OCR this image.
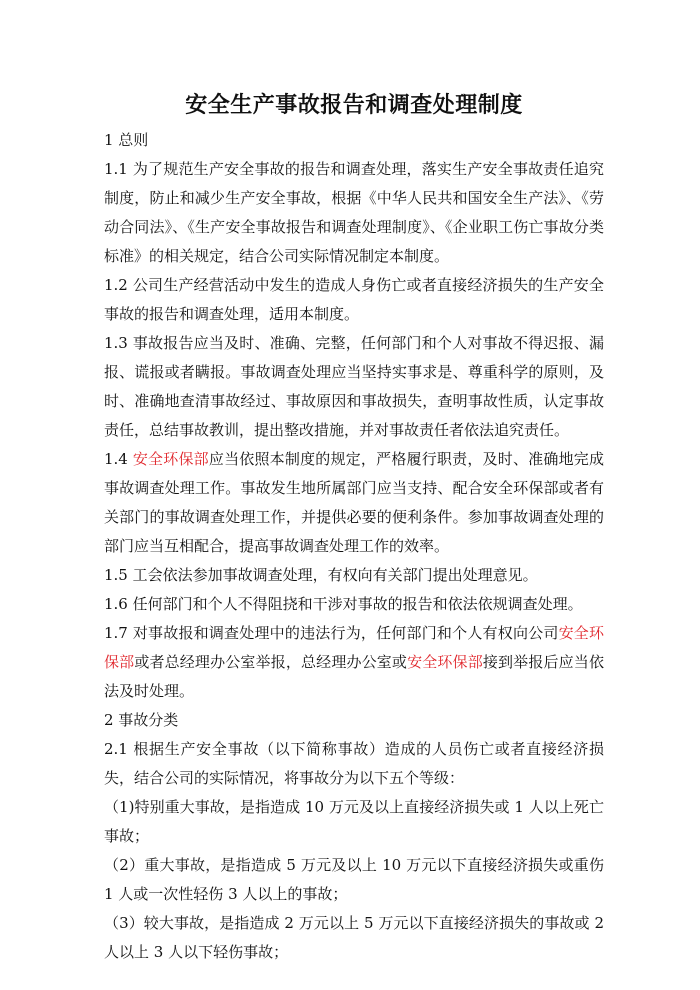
安全生产事故报告和调查处理制度

1 总则

1.1 为了规范生产安全事故的报告和调查处理，落实生产安全事故责任追究制度，防止和减少生产安全事故，根据《中华人民共和国安全生产法》、《劳动合同法》、《生产安全事故报告和调查处理制度》、《企业职工伤亡事故分类标准》的相关规定，结合公司实际情况制定本制度。

1.2 公司生产经营活动中发生的造成人身伤亡或者直接经济损失的生产安全事故的报告和调查处理，适用本制度。

1.3 事故报告应当及时、准确、完整，任何部门和个人对事故不得迟报、漏报、谎报或者瞒报。事故调查处理应当坚持实事求是、尊重科学的原则，及时、准确地查清事故经过、事故原因和事故损失，查明事故性质，认定事故责任，总结事故教训，提出整改措施，并对事故责任者依法追究责任。

1.4 安全环保部应当依照本制度的规定，严格履行职责，及时、准确地完成事故调查处理工作。事故发生地所属部门应当支持、配合安全环保部或者有关部门的事故调查处理工作，并提供必要的便利条件。参加事故调查处理的部门应当互相配合，提高事故调查处理工作的效率。

1.5 工会依法参加事故调查处理，有权向有关部门提出处理意见。

1.6 任何部门和个人不得阻挠和干涉对事故的报告和依法依规调查处理。

1.7 对事故报和调查处理中的违法行为，任何部门和个人有权向公司安全环保部或者总经理办公室举报，总经理办公室或安全环保部接到举报后应当依法及时处理。

2 事故分类

2.1 根据生产安全事故（以下简称事故）造成的人员伤亡或者直接经济损失，结合公司的实际情况，将事故分为以下五个等级：

（1)特别重大事故，是指造成 10 万元及以上直接经济损失或 1 人以上死亡事故；

（2）重大事故，是指造成 5 万元及以上 10 万元以下直接经济损失或重伤 1 人或一次性轻伤 3 人以上的事故；

（3）较大事故，是指造成 2 万元以上 5 万元以下直接经济损失的事故或 2 人以上 3 人以下轻伤事故；
